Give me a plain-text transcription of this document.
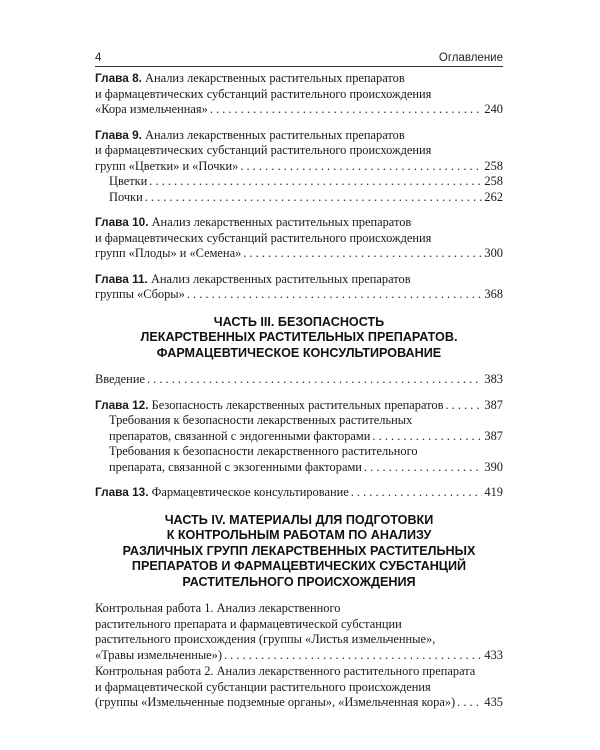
4	Оглавление
Глава 8. Анализ лекарственных растительных препаратов
и фармацевтических субстанций растительного происхождения
«Кора измельченная» . . .	240
Глава 9. Анализ лекарственных растительных препаратов
и фармацевтических субстанций растительного происхождения
групп «Цветки» и «Почки» . . .	258
Цветки . . .	258
Почки . . .	262
Глава 10. Анализ лекарственных растительных препаратов
и фармацевтических субстанций растительного происхождения
групп «Плоды» и «Семена» . . .	300
Глава 11. Анализ лекарственных растительных препаратов
группы «Сборы» . . .	368
ЧАСТЬ III. БЕЗОПАСНОСТЬ
ЛЕКАРСТВЕННЫХ РАСТИТЕЛЬНЫХ ПРЕПАРАТОВ.
ФАРМАЦЕВТИЧЕСКОЕ КОНСУЛЬТИРОВАНИЕ
Введение . . .	383
Глава 12. Безопасность лекарственных растительных препаратов . . .	387
Требования к безопасности лекарственных растительных
препаратов, связанной с эндогенными факторами . . .	387
Требования к безопасности лекарственного растительного
препарата, связанной с экзогенными факторами . . .	390
Глава 13. Фармацевтическое консультирование . . .	419
ЧАСТЬ IV. МАТЕРИАЛЫ ДЛЯ ПОДГОТОВКИ
К КОНТРОЛЬНЫМ РАБОТАМ ПО АНАЛИЗУ
РАЗЛИЧНЫХ ГРУПП ЛЕКАРСТВЕННЫХ РАСТИТЕЛЬНЫХ
ПРЕПАРАТОВ И ФАРМАЦЕВТИЧЕСКИХ СУБСТАНЦИЙ
РАСТИТЕЛЬНОГО ПРОИСХОЖДЕНИЯ
Контрольная работа 1. Анализ лекарственного
растительного препарата и фармацевтической субстанции
растительного происхождения (группы «Листья измельченные»,
«Травы измельченные») . . .	433
Контрольная работа 2. Анализ лекарственного растительного препарата
и фармацевтической субстанции растительного происхождения
(группы «Измельченные подземные органы», «Измельченная кора») . . . 435
